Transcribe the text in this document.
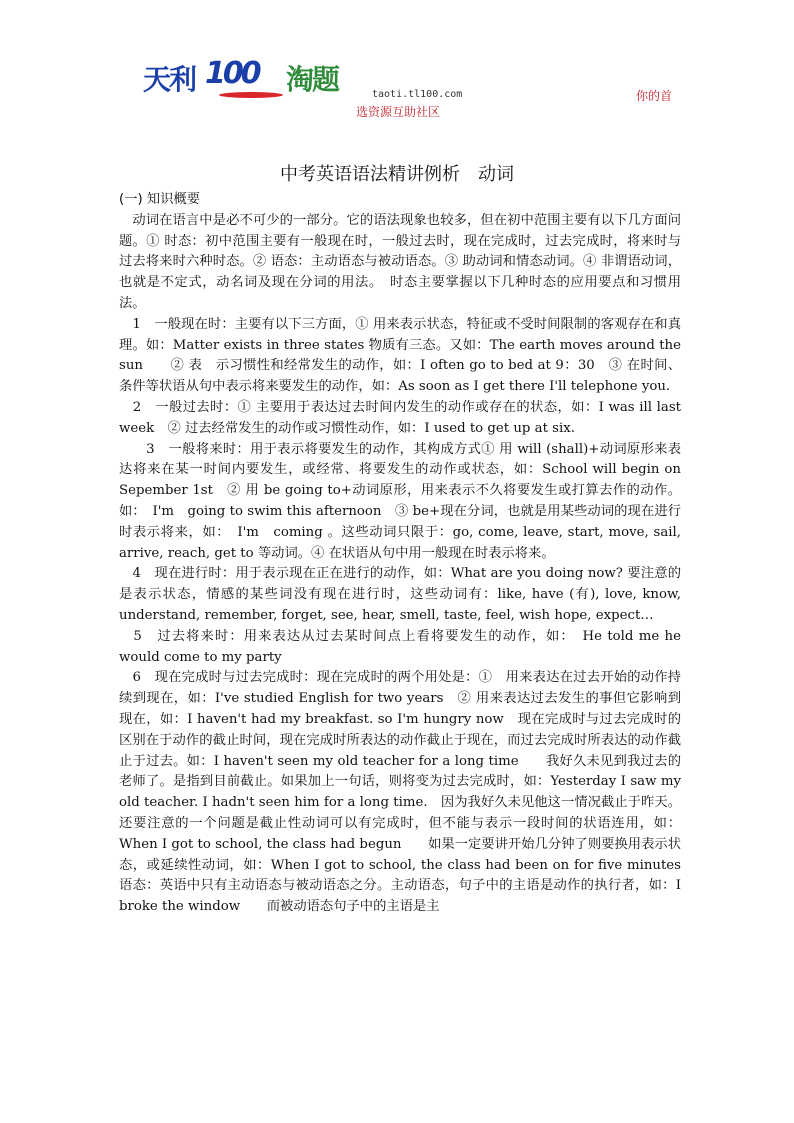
天利 100 淘题	taoti.tl100.com	你的首
选资源互助社区
中考英语语法精讲例析　动词

(一) 知识概要

　动词在语言中是必不可少的一部分。它的语法现象也较多，但在初中范围主要有以下几方面问题。① 时态：初中范围主要有一般现在时，一般过去时，现在完成时，过去完成时，将来时与过去将来时六种时态。② 语态：主动语态与被动语态。③ 助动词和情态动词。④ 非谓语动词，也就是不定式，动名词及现在分词的用法。　时态主要掌握以下几种时态的应用要点和习惯用法。

　1　一般现在时：主要有以下三方面，① 用来表示状态，特征或不受时间限制的客观存在和真理。如：Matter exists in three states 物质有三态。又如：The earth moves around the sun　　② 表　示习惯性和经常发生的动作，如：I often go to bed at 9：30　③ 在时间、条件等状语从句中表示将来要发生的动作，如：As soon as I get there I'll telephone you.

　2　一般过去时：① 主要用于表达过去时间内发生的动作或存在的状态，如：I was ill last week　② 过去经常发生的动作或习惯性动作，如：I used to get up at six.

　　3　一般将来时：用于表示将要发生的动作，其构成方式① 用 will (shall)+动词原形来表达将来在某一时间内要发生，或经常、将要发生的动作或状态，如：School will begin on Sepember 1st　② 用 be going to+动词原形，用来表示不久将要发生或打算去作的动作。如：　I'm　going to swim this afternoon　③ be+现在分词，也就是用某些动词的现在进行时表示将来，如：　I'm　coming 。这些动词只限于：go, come, leave, start, move, sail, arrive, reach, get to 等动词。④ 在状语从句中用一般现在时表示将来。

　4　现在进行时：用于表示现在正在进行的动作，如：What are you doing now? 要注意的是表示状态，情感的某些词没有现在进行时，这些动词有：like, have (有), love, know, understand, remember, forget, see, hear, smell, taste, feel, wish hope, expect…

　5　过去将来时：用来表达从过去某时间点上看将要发生的动作，如：　He told me he would come to my party

　6　现在完成时与过去完成时：现在完成时的两个用处是：①　用来表达在过去开始的动作持续到现在，如：I've studied English for two years　② 用来表达过去发生的事但它影响到现在，如：I haven't had my breakfast. so I'm hungry now　现在完成时与过去完成时的区别在于动作的截止时间，现在完成时所表达的动作截止于现在，而过去完成时所表达的动作截止于过去。如：I haven't seen my old teacher for a long time　　我好久未见到我过去的老师了。是指到目前截止。如果加上一句话，则将变为过去完成时，如：Yesterday I saw my old teacher. I hadn't seen him for a long time.　因为我好久未见他这一情况截止于昨天。还要注意的一个问题是截止性动词可以有完成时，但不能与表示一段时间的状语连用，如：When I got to school, the class had begun　　如果一定要讲开始几分钟了则要换用表示状态，或延续性动词，如：When I got to school, the class had been on for five minutes　　语态：英语中只有主动语态与被动语态之分。主动语态，句子中的主语是动作的执行者，如：I broke the window　　而被动语态句子中的主语是主
